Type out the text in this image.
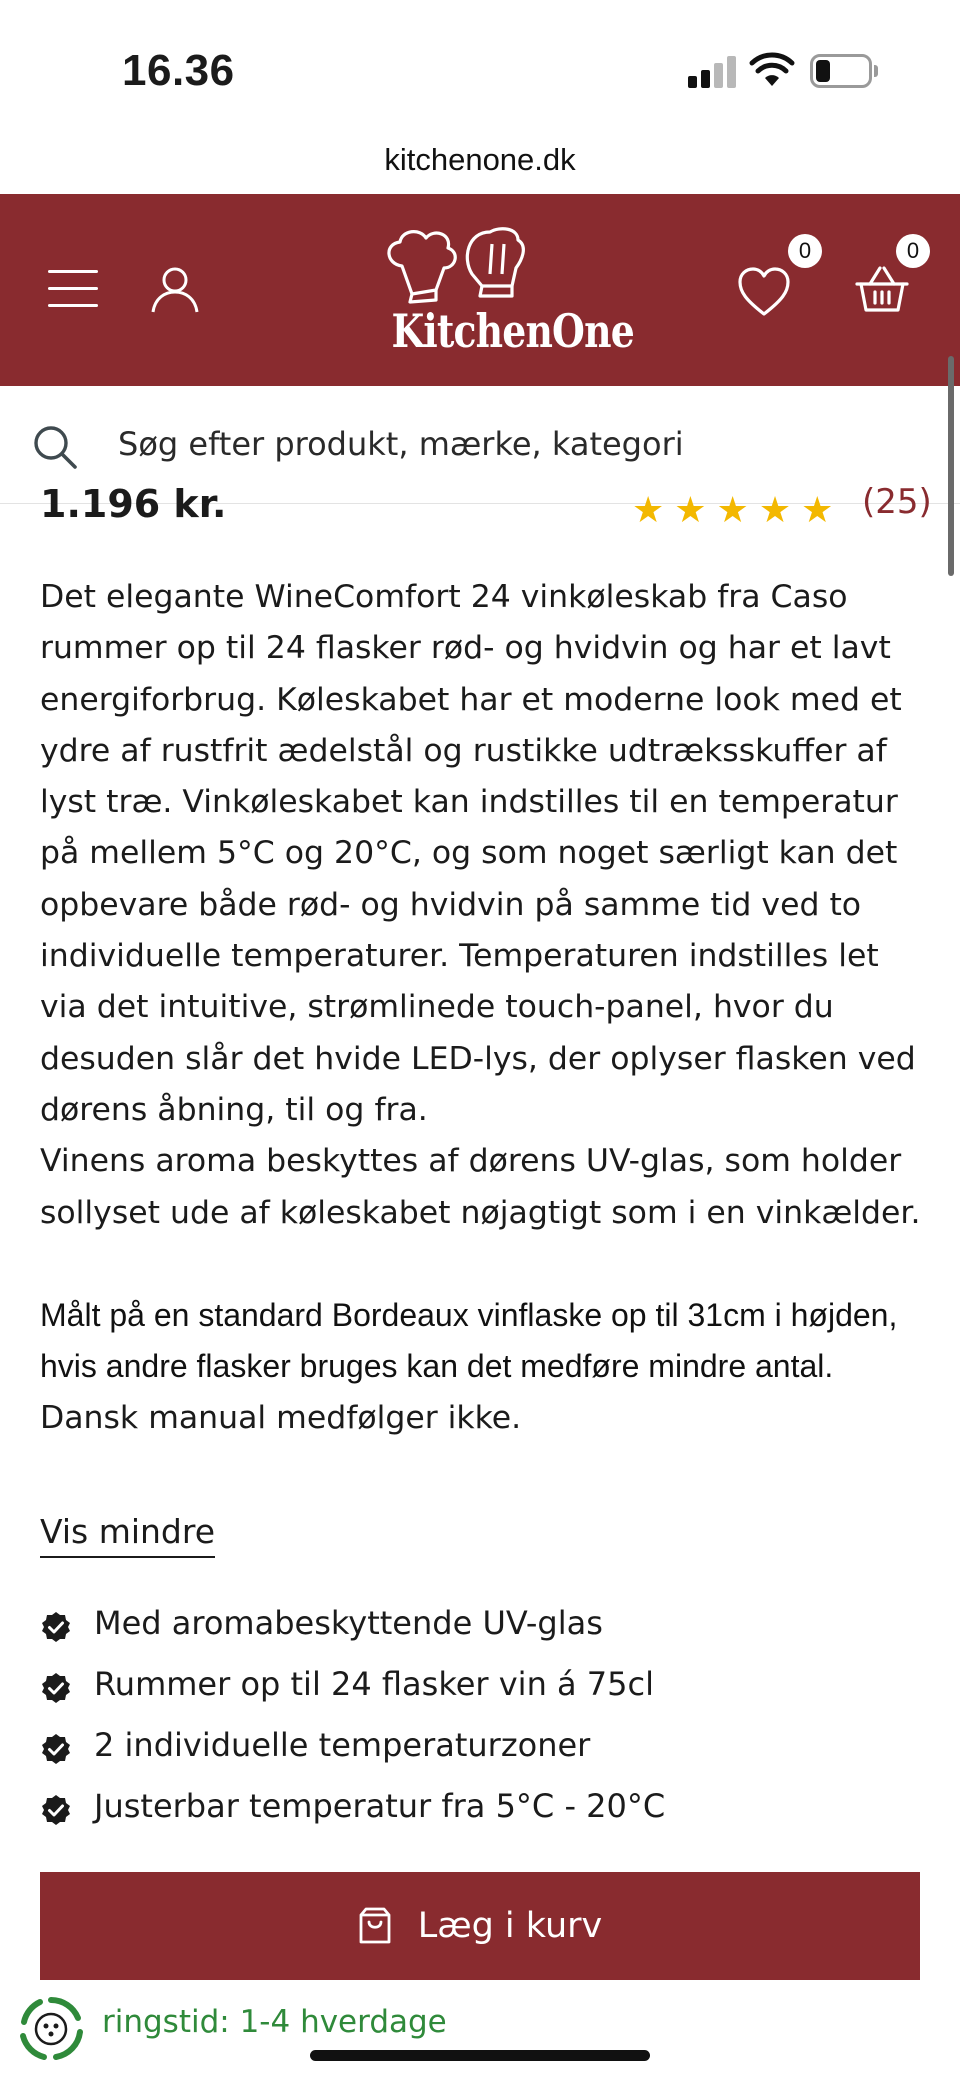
16.36
kitchenone.dk
KitchenOne
0	0
Søg efter produkt, mærke, kategori
1.196 kr.	★★★★★ (25)

Det elegante WineComfort 24 vinkøleskab fra Caso rummer op til 24 flasker rød- og hvidvin og har et lavt energiforbrug. Køleskabet har et moderne look med et ydre af rustfrit ædelstål og rustikke udtræksskuffer af lyst træ. Vinkøleskabet kan indstilles til en temperatur på mellem 5°C og 20°C, og som noget særligt kan det opbevare både rød- og hvidvin på samme tid ved to individuelle temperaturer. Temperaturen indstilles let via det intuitive, strømlinede touch-panel, hvor du desuden slår det hvide LED-lys, der oplyser flasken ved dørens åbning, til og fra.

Vinens aroma beskyttes af dørens UV-glas, som holder sollyset ude af køleskabet nøjagtigt som i en vinkælder.

Målt på en standard Bordeaux vinflaske op til 31cm i højden, hvis andre flasker bruges kan det medføre mindre antal.

Dansk manual medfølger ikke.

Vis mindre
Med aromabeskyttende UV-glas
Rummer op til 24 flasker vin á 75cl
2 individuelle temperaturzoner
Justerbar temperatur fra 5°C - 20°C
Læg i kurv
ringstid: 1-4 hverdage
